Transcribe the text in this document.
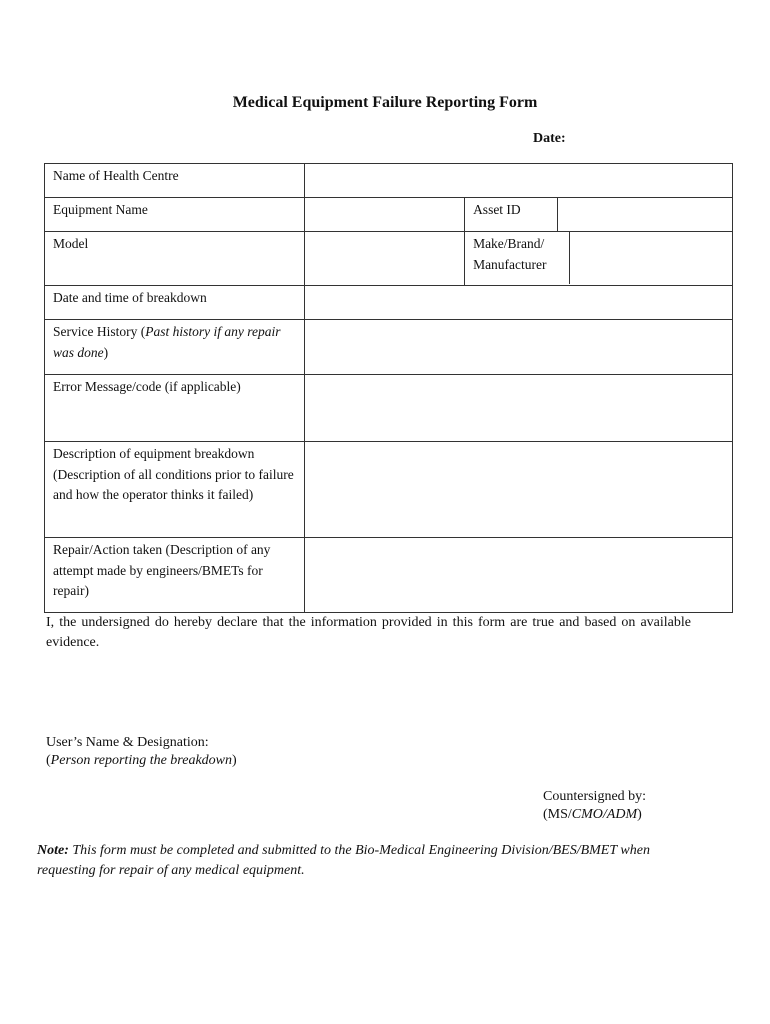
Medical Equipment Failure Reporting Form
Date:
Name of Health Centre			
Equipment Name		Asset ID	
Model		Make/Brand/
Manufacturer	

Date and time of breakdown			
Service History (Past history if any repair was done)			
Error Message/code (if applicable)			
Description of equipment breakdown (Description of all conditions prior to failure and how the operator thinks it failed)			
Repair/Action taken (Description of any attempt made by engineers/BMETs for repair)			
I, the undersigned do hereby declare that the information provided in this form are true and based on available evidence.
User’s Name & Designation:
(Person reporting the breakdown)
Countersigned by:
(MS/CMO/ADM)
Note: This form must be completed and submitted to the Bio-Medical Engineering Division/BES/BMET when requesting for repair of any medical equipment.
